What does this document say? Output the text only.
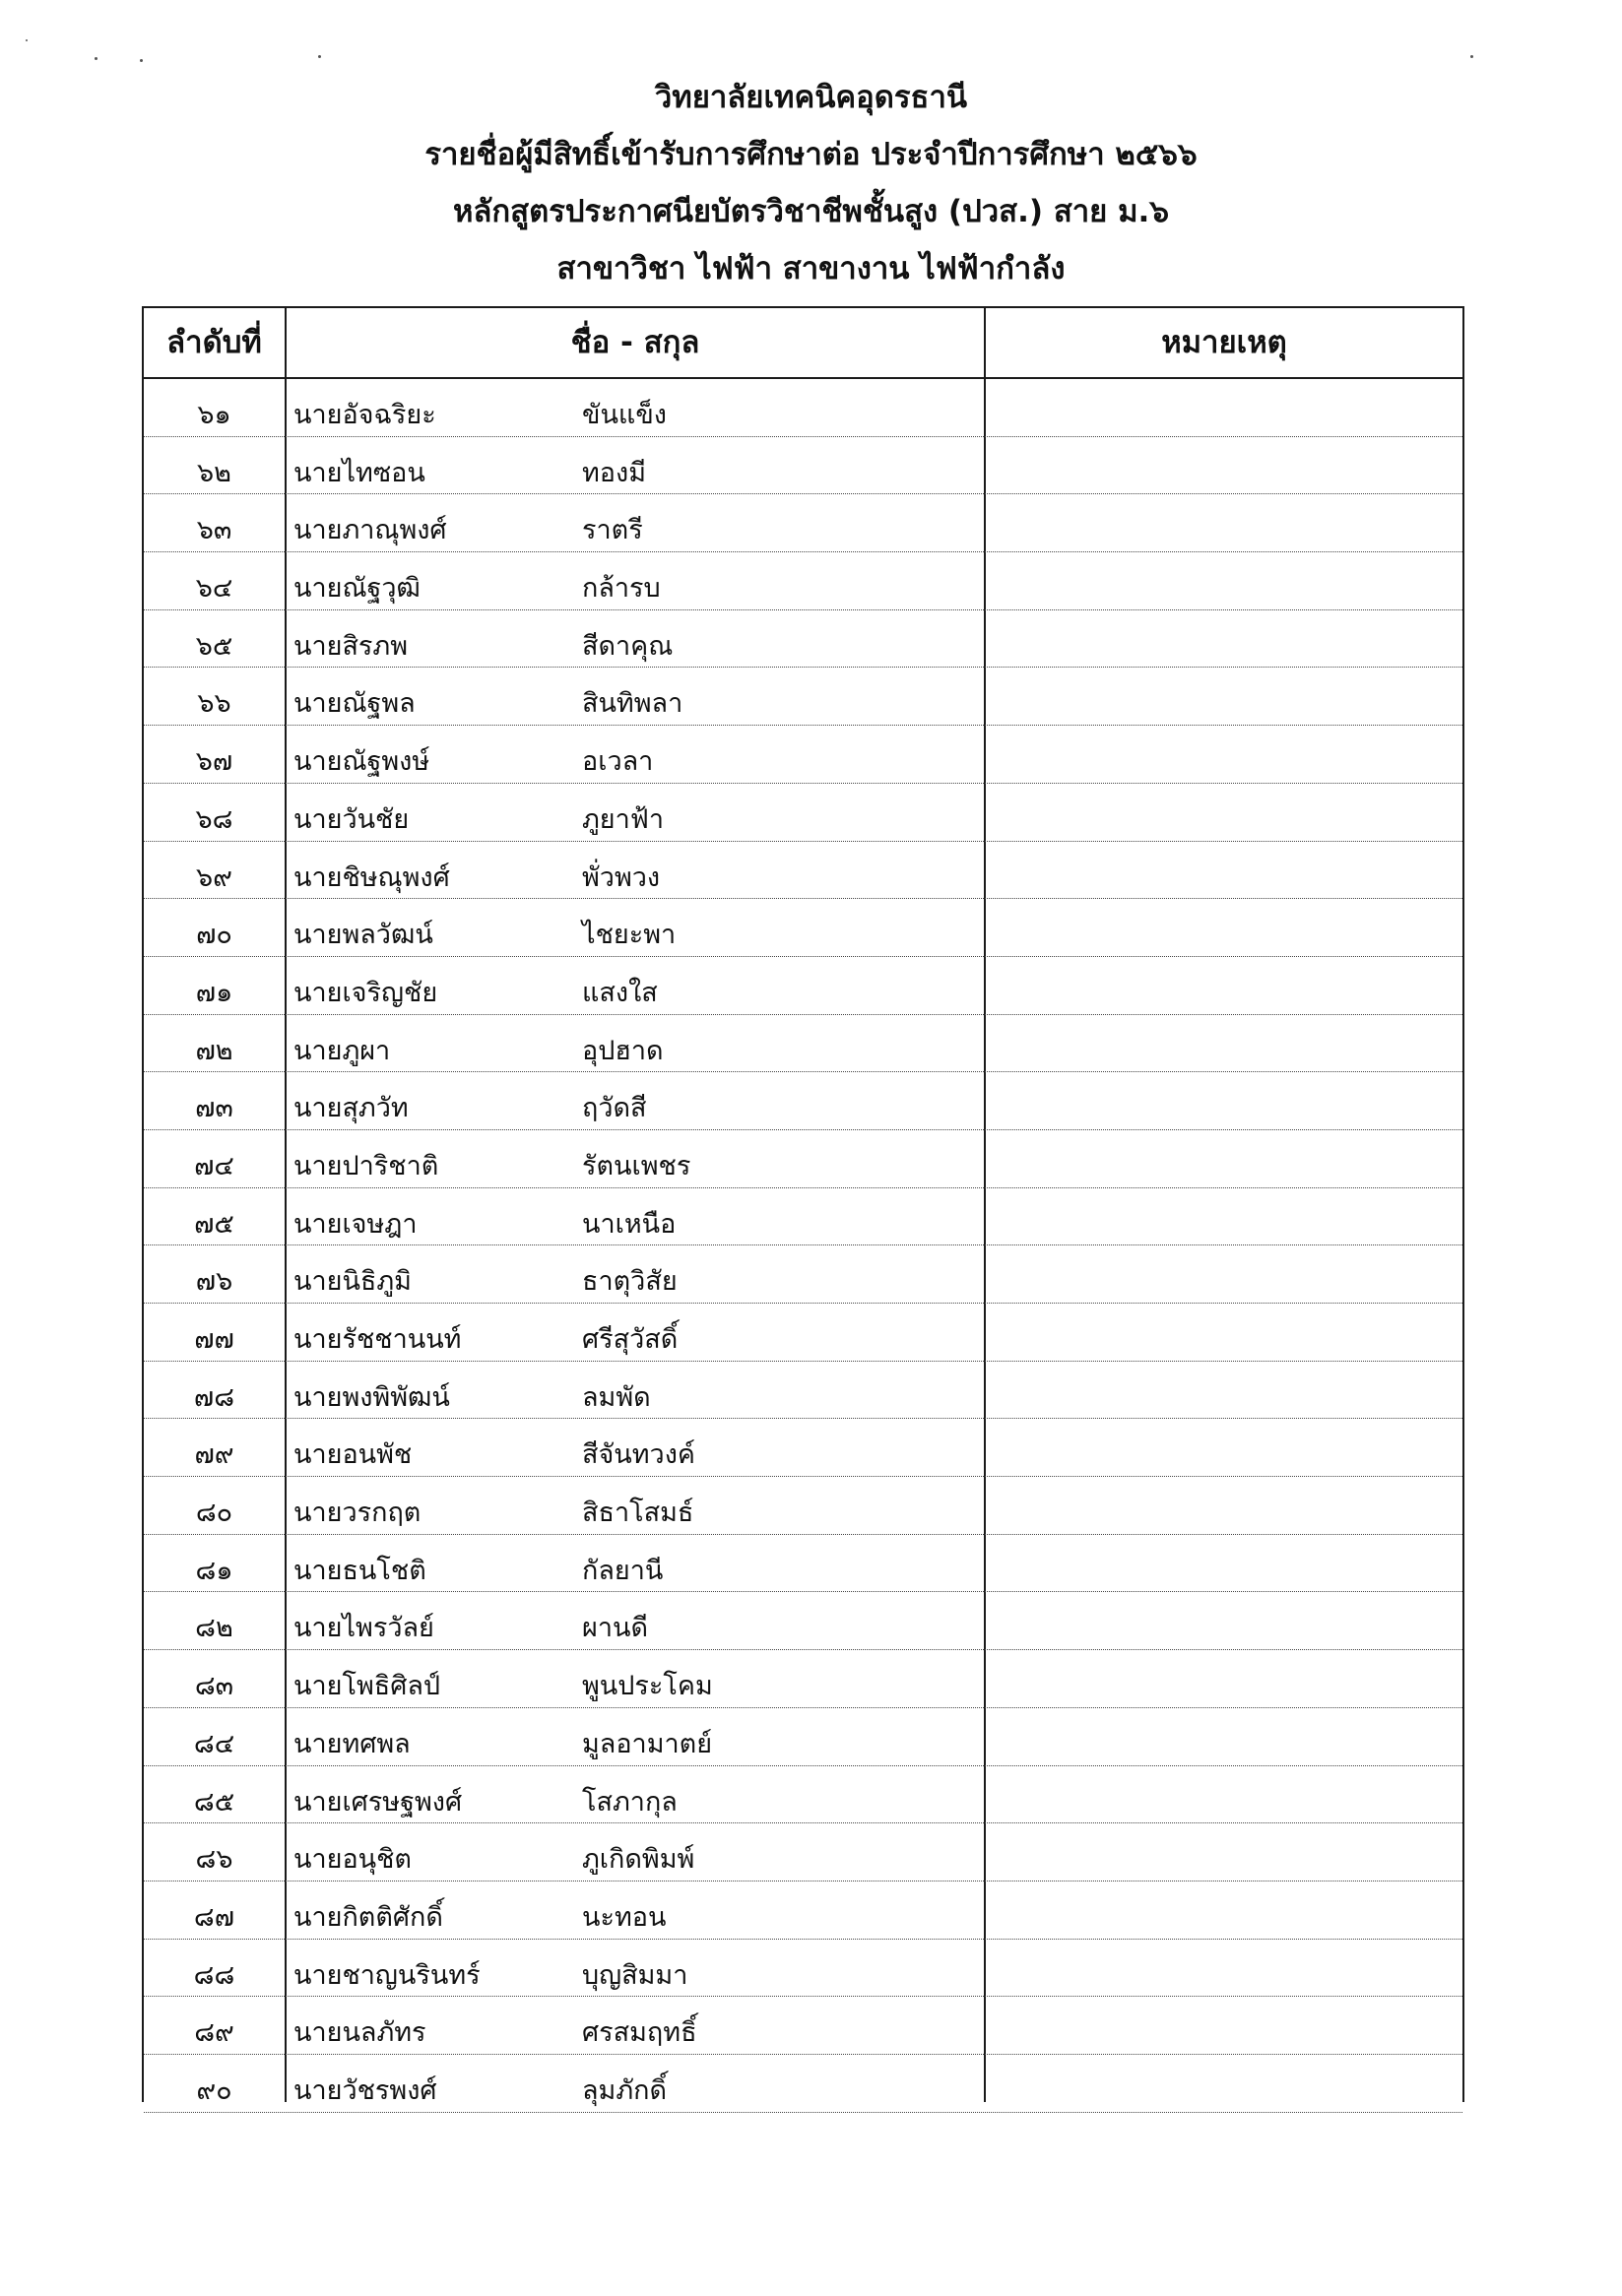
วิทยาลัยเทคนิคอุดรธานี
รายชื่อผู้มีสิทธิ์เข้ารับการศึกษาต่อ ประจำปีการศึกษา ๒๕๖๖
หลักสูตรประกาศนียบัตรวิชาชีพชั้นสูง (ปวส.) สาย ม.๖
สาขาวิชา ไฟฟ้า สาขางาน ไฟฟ้ากำลัง
ลำดับที่	ชื่อ - สกุล	หมายเหตุ
๖๑	นายอัจฉริยะ	ขันแข็ง
๖๒	นายไทซอน	ทองมี
๖๓	นายภาณุพงศ์	ราตรี
๖๔	นายณัฐวุฒิ	กล้ารบ
๖๕	นายสิรภพ	สีดาคุณ
๖๖	นายณัฐพล	สินทิพลา
๖๗	นายณัฐพงษ์	อเวลา
๖๘	นายวันชัย	ภูยาฟ้า
๖๙	นายชิษณุพงศ์	พั่วพวง
๗๐	นายพลวัฒน์	ไชยะพา
๗๑	นายเจริญชัย	แสงใส
๗๒	นายภูผา	อุปฮาด
๗๓	นายสุภวัท	ฤวัดสี
๗๔	นายปาริชาติ	รัตนเพชร
๗๕	นายเจษฎา	นาเหนือ
๗๖	นายนิธิภูมิ	ธาตุวิสัย
๗๗	นายรัชชานนท์	ศรีสุวัสดิ์
๗๘	นายพงพิพัฒน์	ลมพัด
๗๙	นายอนพัช	สีจันทวงค์
๘๐	นายวรกฤต	สิธาโสมธ์
๘๑	นายธนโชติ	กัลยานี
๘๒	นายไพรวัลย์	ผานดี
๘๓	นายโพธิศิลป์	พูนประโคม
๘๔	นายทศพล	มูลอามาตย์
๘๕	นายเศรษฐพงศ์	โสภากุล
๘๖	นายอนุชิต	ภูเกิดพิมพ์
๘๗	นายกิตติศักดิ์	นะทอน
๘๘	นายชาญนรินทร์	บุญสิมมา
๘๙	นายนลภัทร	ศรสมฤทธิ์
๙๐	นายวัชรพงศ์	ลุมภักดิ์
